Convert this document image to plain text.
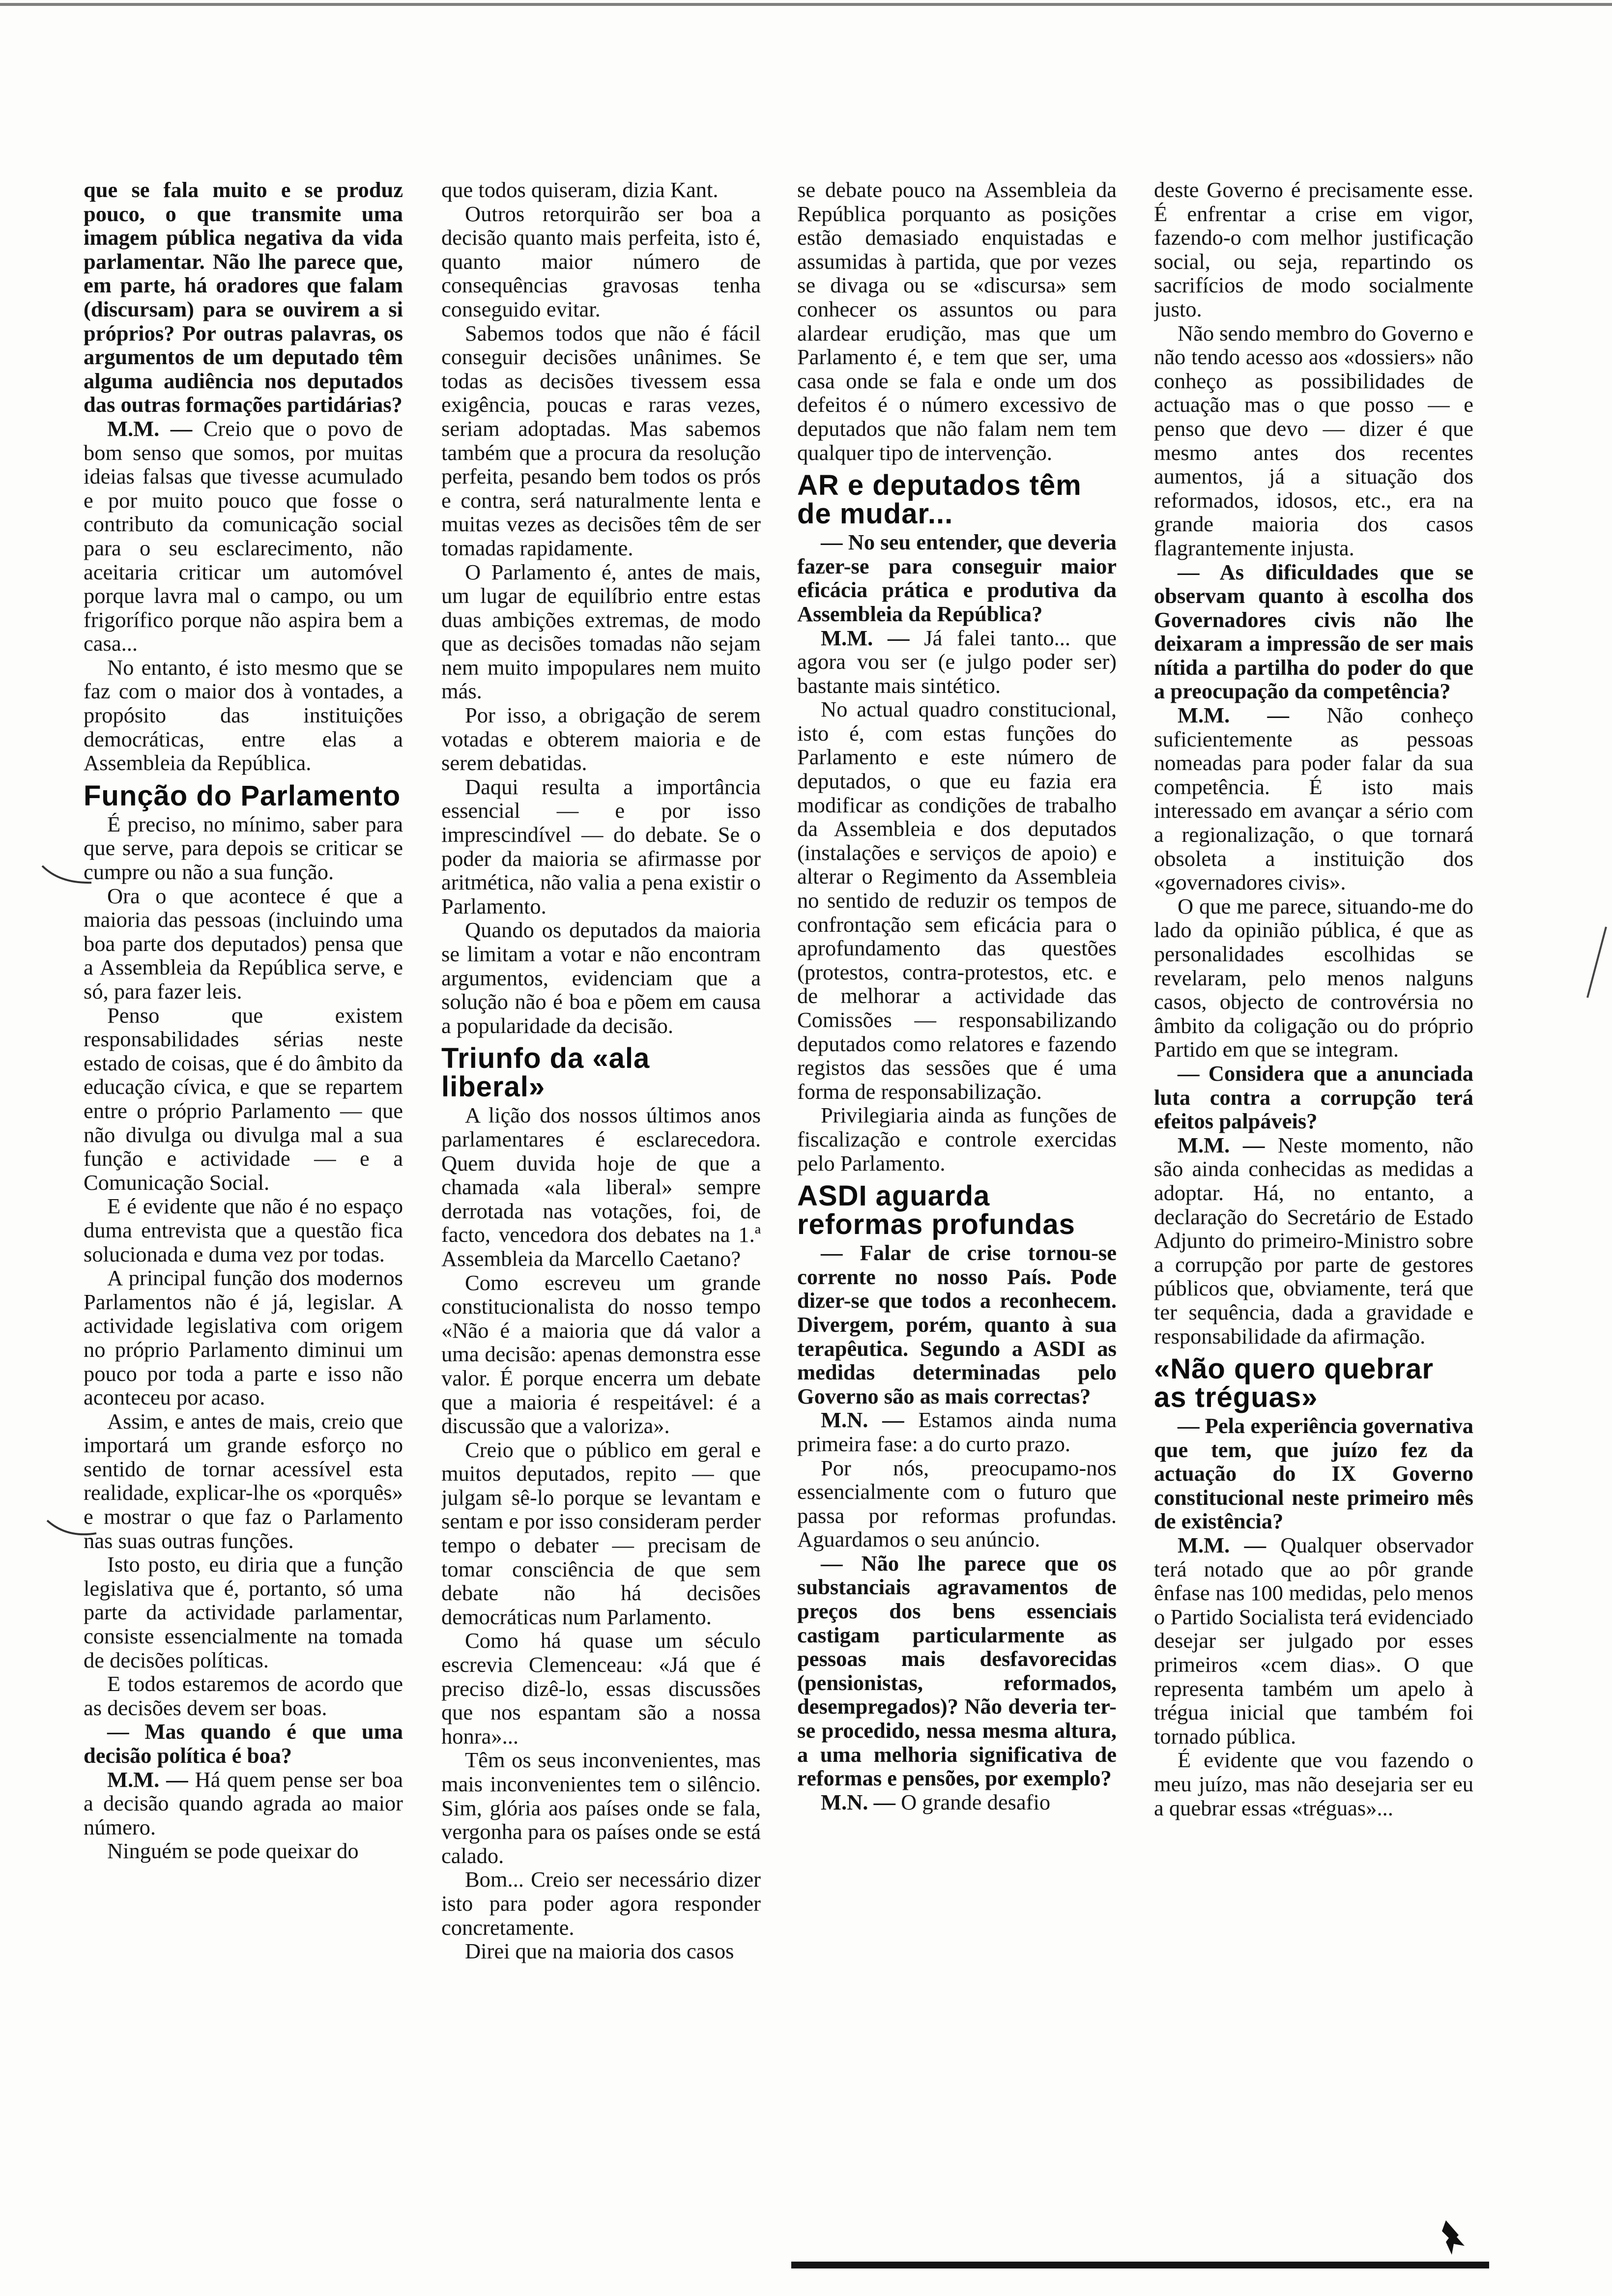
que se fala muito e se produz pouco, o que transmite uma imagem pública negativa da vida parlamentar. Não lhe parece que, em parte, há oradores que falam (discursam) para se ouvirem a si próprios? Por outras palavras, os argumentos de um deputado têm alguma audiência nos deputados das outras formações partidárias?

M.M. — Creio que o povo de bom senso que somos, por muitas ideias falsas que tivesse acumulado e por muito pouco que fosse o contributo da comunicação social para o seu esclarecimento, não aceitaria criticar um automóvel porque lavra mal o campo, ou um frigorífico porque não aspira bem a casa...

No entanto, é isto mesmo que se faz com o maior dos à vontades, a propósito das instituições democráticas, entre elas a Assembleia da República.

Função do Parlamento

É preciso, no mínimo, saber para que serve, para depois se criticar se cumpre ou não a sua função.

Ora o que acontece é que a maioria das pessoas (incluindo uma boa parte dos deputados) pensa que a Assembleia da República serve, e só, para fazer leis.

Penso que existem responsabilidades sérias neste estado de coisas, que é do âmbito da educação cívica, e que se repartem entre o próprio Parlamento — que não divulga ou divulga mal a sua função e actividade — e a Comunicação Social.

E é evidente que não é no espaço duma entrevista que a questão fica solucionada e duma vez por todas.

A principal função dos modernos Parlamentos não é já, legislar. A actividade legislativa com origem no próprio Parlamento diminui um pouco por toda a parte e isso não aconteceu por acaso.

Assim, e antes de mais, creio que importará um grande esforço no sentido de tornar acessível esta realidade, explicar-lhe os «porquês» e mostrar o que faz o Parlamento nas suas outras funções.

Isto posto, eu diria que a função legislativa que é, portanto, só uma parte da actividade parlamentar, consiste essencialmente na tomada de decisões políticas.

E todos estaremos de acordo que as decisões devem ser boas.

— Mas quando é que uma decisão política é boa?

M.M. — Há quem pense ser boa a decisão quando agrada ao maior número.

Ninguém se pode queixar do

que todos quiseram, dizia Kant.

Outros retorquirão ser boa a decisão quanto mais perfeita, isto é, quanto maior número de consequências gravosas tenha conseguido evitar.

Sabemos todos que não é fácil conseguir decisões unânimes. Se todas as decisões tivessem essa exigência, poucas e raras vezes, seriam adoptadas. Mas sabemos também que a procura da resolução perfeita, pesando bem todos os prós e contra, será naturalmente lenta e muitas vezes as decisões têm de ser tomadas rapidamente.

O Parlamento é, antes de mais, um lugar de equilíbrio entre estas duas ambições extremas, de modo que as decisões tomadas não sejam nem muito impopulares nem muito más.

Por isso, a obrigação de serem votadas e obterem maioria e de serem debatidas.

Daqui resulta a importância essencial — e por isso imprescindível — do debate. Se o poder da maioria se afirmasse por aritmética, não valia a pena existir o Parlamento.

Quando os deputados da maioria se limitam a votar e não encontram argumentos, evidenciam que a solução não é boa e põem em causa a popularidade da decisão.

Triunfo da «ala liberal»

A lição dos nossos últimos anos parlamentares é esclarecedora. Quem duvida hoje de que a chamada «ala liberal» sempre derrotada nas votações, foi, de facto, vencedora dos debates na 1.ª Assembleia da Marcello Caetano?

Como escreveu um grande constitucionalista do nosso tempo «Não é a maioria que dá valor a uma decisão: apenas demonstra esse valor. É porque encerra um debate que a maioria é respeitável: é a discussão que a valoriza».

Creio que o público em geral e muitos deputados, repito — que julgam sê-lo porque se levantam e sentam e por isso consideram perder tempo o debater — precisam de tomar consciência de que sem debate não há decisões democráticas num Parlamento.

Como há quase um século escrevia Clemenceau: «Já que é preciso dizê-lo, essas discussões que nos espantam são a nossa honra»...

Têm os seus inconvenientes, mas mais inconvenientes tem o silêncio. Sim, glória aos países onde se fala, vergonha para os países onde se está calado.

Bom... Creio ser necessário dizer isto para poder agora responder concretamente.

Direi que na maioria dos casos

se debate pouco na Assembleia da República porquanto as posições estão demasiado enquistadas e assumidas à partida, que por vezes se divaga ou se «discursa» sem conhecer os assuntos ou para alardear erudição, mas que um Parlamento é, e tem que ser, uma casa onde se fala e onde um dos defeitos é o número excessivo de deputados que não falam nem tem qualquer tipo de intervenção.

AR e deputados têm de mudar...

— No seu entender, que deveria fazer-se para conseguir maior eficácia prática e produtiva da Assembleia da República?

M.M. — Já falei tanto... que agora vou ser (e julgo poder ser) bastante mais sintético.

No actual quadro constitucional, isto é, com estas funções do Parlamento e este número de deputados, o que eu fazia era modificar as condições de trabalho da Assembleia e dos deputados (instalações e serviços de apoio) e alterar o Regimento da Assembleia no sentido de reduzir os tempos de confrontação sem eficácia para o aprofundamento das questões (protestos, contra-protestos, etc. e de melhorar a actividade das Comissões — responsabilizando deputados como relatores e fazendo registos das sessões que é uma forma de responsabilização.

Privilegiaria ainda as funções de fiscalização e controle exercidas pelo Parlamento.

ASDI aguarda reformas profundas

— Falar de crise tornou-se corrente no nosso País. Pode dizer-se que todos a reconhecem. Divergem, porém, quanto à sua terapêutica. Segundo a ASDI as medidas determinadas pelo Governo são as mais correctas?

M.N. — Estamos ainda numa primeira fase: a do curto prazo.

Por nós, preocupamo-nos essencialmente com o futuro que passa por reformas profundas. Aguardamos o seu anúncio.

— Não lhe parece que os substanciais agravamentos de preços dos bens essenciais castigam particularmente as pessoas mais desfavorecidas (pensionistas, reformados, desempregados)? Não deveria ter-se procedido, nessa mesma altura, a uma melhoria significativa de reformas e pensões, por exemplo?

M.N. — O grande desafio

deste Governo é precisamente esse. É enfrentar a crise em vigor, fazendo-o com melhor justificação social, ou seja, repartindo os sacrifícios de modo socialmente justo.

Não sendo membro do Governo e não tendo acesso aos «dossiers» não conheço as possibilidades de actuação mas o que posso — e penso que devo — dizer é que mesmo antes dos recentes aumentos, já a situação dos reformados, idosos, etc., era na grande maioria dos casos flagrantemente injusta.

— As dificuldades que se observam quanto à escolha dos Governadores civis não lhe deixaram a impressão de ser mais nítida a partilha do poder do que a preocupação da competência?

M.M. — Não conheço suficientemente as pessoas nomeadas para poder falar da sua competência. É isto mais interessado em avançar a sério com a regionalização, o que tornará obsoleta a instituição dos «governadores civis».

O que me parece, situando-me do lado da opinião pública, é que as personalidades escolhidas se revelaram, pelo menos nalguns casos, objecto de controvérsia no âmbito da coligação ou do próprio Partido em que se integram.

— Considera que a anunciada luta contra a corrupção terá efeitos palpáveis?

M.M. — Neste momento, não são ainda conhecidas as medidas a adoptar. Há, no entanto, a declaração do Secretário de Estado Adjunto do primeiro-Ministro sobre a corrupção por parte de gestores públicos que, obviamente, terá que ter sequência, dada a gravidade e responsabilidade da afirmação.

«Não quero quebrar as tréguas»

— Pela experiência governativa que tem, que juízo fez da actuação do IX Governo constitucional neste primeiro mês de existência?

M.M. — Qualquer observador terá notado que ao pôr grande ênfase nas 100 medidas, pelo menos o Partido Socialista terá evidenciado desejar ser julgado por esses primeiros «cem dias». O que representa também um apelo à trégua inicial que também foi tornado pública.

É evidente que vou fazendo o meu juízo, mas não desejaria ser eu a quebrar essas «tréguas»...
